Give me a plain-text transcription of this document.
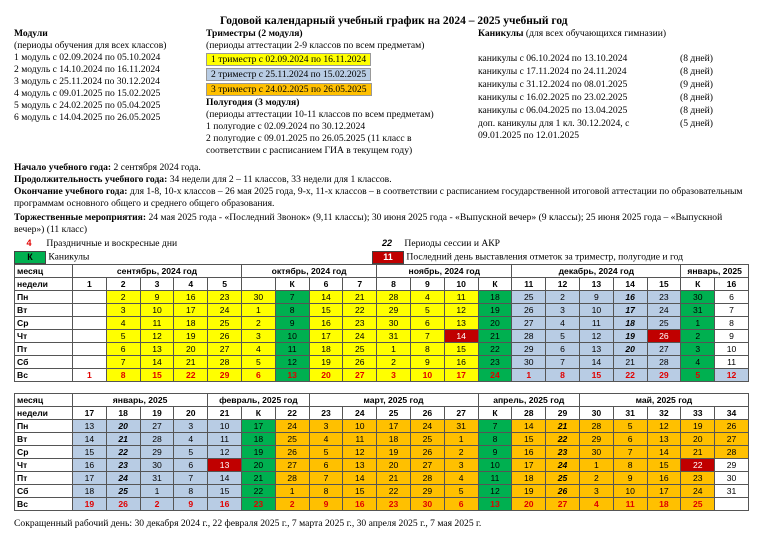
Годовой календарный учебный график на 2024 – 2025 учебный год
Модули
(периоды обучения для всех классов)
1 модуль с 02.09.2024 по 05.10.2024
2 модуль с 14.10.2024 по 16.11.2024
3 модуль с 25.11.2024 по 30.12.2024
4 модуль с 09.01.2025 по 15.02.2025
5 модуль с 24.02.2025 по 05.04.2025
6 модуль с 14.04.2025 по 26.05.2025
Триместры (2 модуля)
(периоды аттестации 2-9 классов по всем предметам)
1 триместр с 02.09.2024 по 16.11.2024
2 триместр с 25.11.2024 по 15.02.2025
3 триместр с 24.02.2025 по 26.05.2025
Полугодия (3 модуля)
(периоды аттестации 10-11 классов по всем предметам)
1 полугодие с 02.09.2024 по 30.12.2024
2 полугодие с 09.01.2025 по 26.05.2025 (11 класс в
соответствии с расписанием ГИА в текущем году)
Каникулы (для всех обучающихся гимназии)
каникулы с 06.10.2024 по 13.10.2024	(8 дней)
каникулы с 17.11.2024 по 24.11.2024	(8 дней)
каникулы с 31.12.2024 по 08.01.2025	(9 дней)
каникулы с 16.02.2025 по 23.02.2025	(8 дней)
каникулы с 06.04.2025 по 13.04.2025	(8 дней)
доп. каникулы для 1 кл. 30.12.2024, с	(5 дней)
09.01.2025 по 12.01.2025
Начало учебного года: 2 сентября 2024 года.
Продолжительность учебного года: 34 недели для 2 – 11 классов, 33 недели для 1 классов.
Окончание учебного года: для 1-8, 10-х классов – 26 мая 2025 года, 9-х, 11-х классов – в соответствии с расписанием государственной итоговой аттестации по образовательным программам основного общего и среднего общего образования.
Торжественные мероприятия: 24 мая 2025 года - «Последний Звонок» (9,11 классы); 30 июня 2025 года - «Выпускной вечер» (9 классы); 25 июня 2025 года – «Выпускной вечер») (11 класс)
4 Праздничные и воскресные дни
К Каникулы
22 Периоды сессии и АКР
11 Последний день выставления отметок за триместр, полугодие и год
месяц	сентябрь, 2024 год					октябрь, 2024 год				ноябрь, 2024 год				декабрь, 2024 год					январь, 2025	
недели	1	2	3	4	5		К	6	7	8	9	10	К	11	12	13	14	15	К	16
Пн		2	9	16	23	30	7	14	21	28	4	11	18	25	2	9	16	23	30	6
Вт		3	10	17	24	1	8	15	22	29	5	12	19	26	3	10	17	24	31	7
Ср		4	11	18	25	2	9	16	23	30	6	13	20	27	4	11	18	25	1	8
Чт		5	12	19	26	3	10	17	24	31	7	14	21	28	5	12	19	26	2	9
Пт		6	13	20	27	4	11	18	25	1	8	15	22	29	6	13	20	27	3	10
Сб		7	14	21	28	5	12	19	26	2	9	16	23	30	7	14	21	28	4	11
Вс	1	8	15	22	29	6	13	20	27	3	10	17	24	1	8	15	22	29	5	12
месяц	январь, 2025				февраль, 2025 год			март, 2025 год					апрель, 2025 год			май, 2025 год				
недели	17	18	19	20	21	К	22	23	24	25	26	27	К	28	29	30	31	32	33	34
Пн	13	20	27	3	10	17	24	3	10	17	24	31	7	14	21	28	5	12	19	26
Вт	14	21	28	4	11	18	25	4	11	18	25	1	8	15	22	29	6	13	20	27
Ср	15	22	29	5	12	19	26	5	12	19	26	2	9	16	23	30	7	14	21	28
Чт	16	23	30	6	13	20	27	6	13	20	27	3	10	17	24	1	8	15	22	29
Пт	17	24	31	7	14	21	28	7	14	21	28	4	11	18	25	2	9	16	23	30
Сб	18	25	1	8	15	22	1	8	15	22	29	5	12	19	26	3	10	17	24	31
Вс	19	26	2	9	16	23	2	9	16	23	30	6	13	20	27	4	11	18	25	
Сокращенный рабочий день: 30 декабря 2024 г., 22 февраля 2025 г., 7 марта 2025 г., 30 апреля 2025 г., 7 мая 2025 г.
